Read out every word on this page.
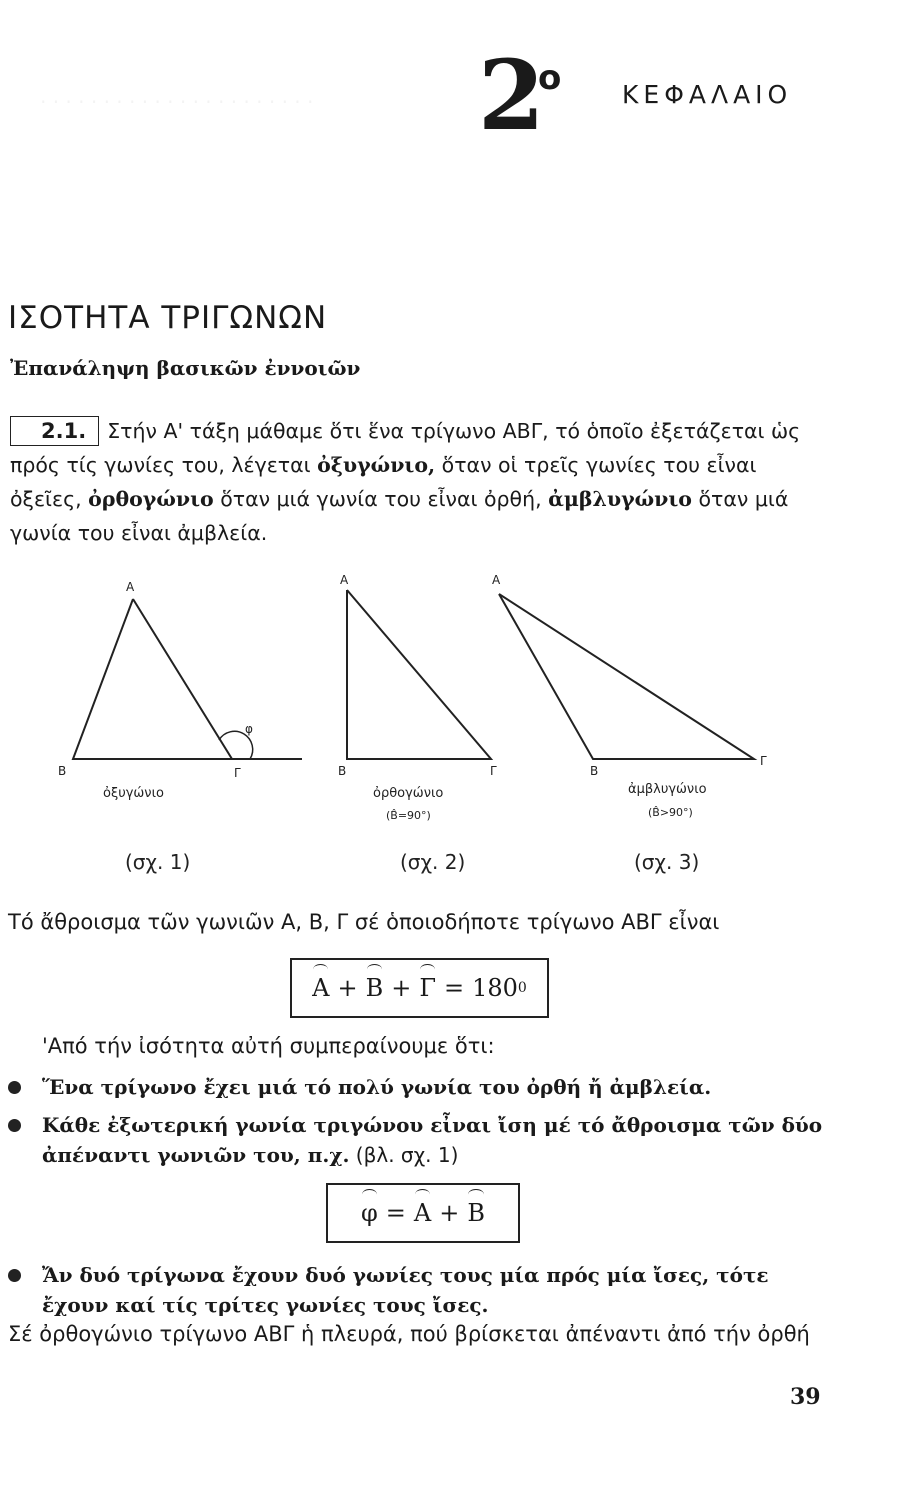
2
ο ΚΕΦΑΛΑΙΟ
ΙΣΟΤΗΤΑ ΤΡΙΓΩΝΩΝ
Ἐπανάληψη βασικῶν ἐννοιῶν
2.1. Στήν Α' τάξη μάθαμε ὅτι ἕνα τρίγωνο ΑΒΓ, τό ὁποῖο ἐξετάζεται ὡς πρός τίς γωνίες του, λέγεται ὀξυγώνιο, ὅταν οἱ τρεῖς γωνίες του εἶναι ὀξεῖες, ὀρθογώνιο ὅταν μιά γωνία του εἶναι ὀρθή, ἀμβλυγώνιο ὅταν μιά γωνία του εἶναι ἀμβλεία.
Α
Β	Γ
φ
Α
Β	Γ
Α
Β
Γ
ὀξυγώνιο	ὀρθογώνιο
(B̂=90°)
ἀμβλυγώνιο
(B̂>90°)
(σχ. 1)	(σχ. 2)	(σχ. 3)
Τό ἄθροισμα τῶν γωνιῶν Α, Β, Γ σέ ὁποιοδήποτε τρίγωνο ΑΒΓ εἶναι
Α + Β + Γ = 180 0
'Από τήν ἰσότητα αὐτή συμπεραίνουμε ὅτι:
Ἕνα τρίγωνο ἔχει μιά τό πολύ γωνία του ὀρθή ἤ ἀμβλεία.
Κάθε ἐξωτερική γωνία τριγώνου εἶναι ἴση μέ τό ἄθροισμα τῶν δύο ἀπέναντι γωνιῶν του, π.χ. (βλ. σχ. 1)
φ = Α + Β
Ἄν δυό τρίγωνα ἔχουν δυό γωνίες τους μία πρός μία ἴσες, τότε ἔχουν καί τίς τρίτες γωνίες τους ἴσες.
Σέ ὀρθογώνιο τρίγωνο ΑΒΓ ἡ πλευρά, πού βρίσκεται ἀπέναντι ἀπό τήν ὀρθή
39
